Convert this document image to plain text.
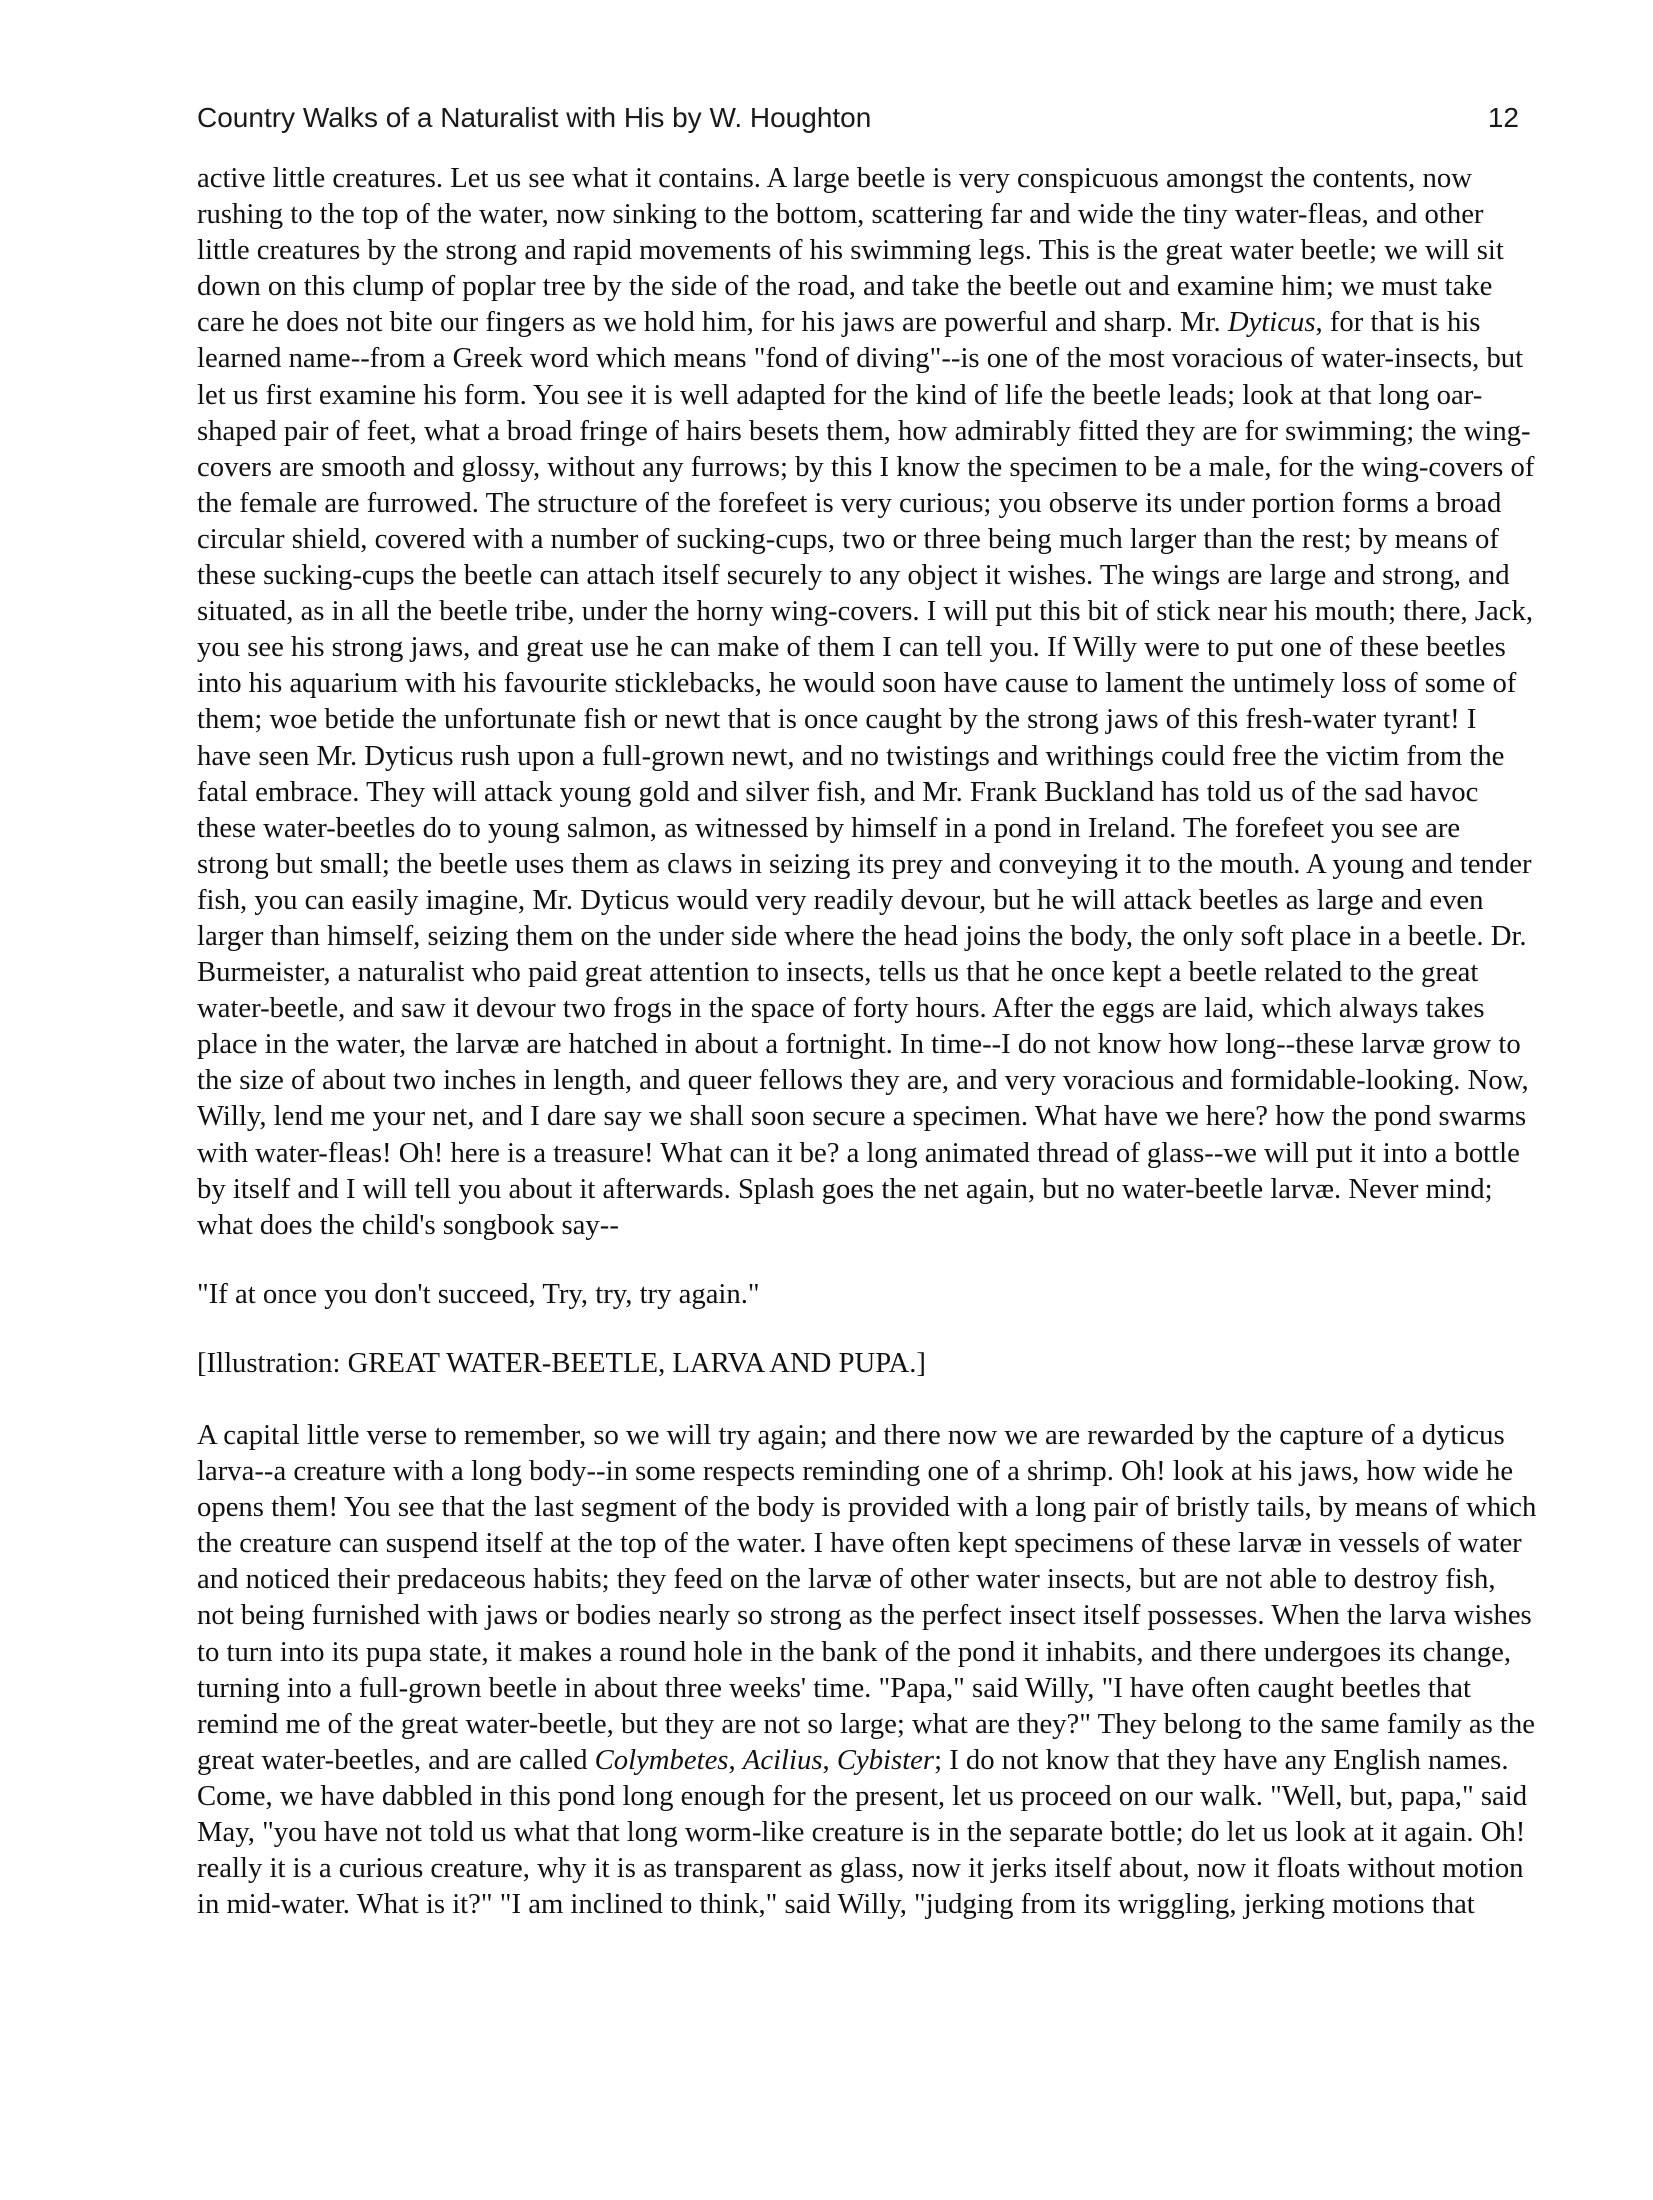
Country Walks of a Naturalist with His by W. Houghton	12

active little creatures. Let us see what it contains. A large beetle is very conspicuous amongst the contents, now rushing to the top of the water, now sinking to the bottom, scattering far and wide the tiny water-fleas, and other little creatures by the strong and rapid movements of his swimming legs. This is the great water beetle; we will sit down on this clump of poplar tree by the side of the road, and take the beetle out and examine him; we must take care he does not bite our fingers as we hold him, for his jaws are powerful and sharp. Mr. Dyticus, for that is his learned name--from a Greek word which means "fond of diving"--is one of the most voracious of water-insects, but let us first examine his form. You see it is well adapted for the kind of life the beetle leads; look at that long oar-shaped pair of feet, what a broad fringe of hairs besets them, how admirably fitted they are for swimming; the wing-covers are smooth and glossy, without any furrows; by this I know the specimen to be a male, for the wing-covers of the female are furrowed. The structure of the forefeet is very curious; you observe its under portion forms a broad circular shield, covered with a number of sucking-cups, two or three being much larger than the rest; by means of these sucking-cups the beetle can attach itself securely to any object it wishes. The wings are large and strong, and situated, as in all the beetle tribe, under the horny wing-covers. I will put this bit of stick near his mouth; there, Jack, you see his strong jaws, and great use he can make of them I can tell you. If Willy were to put one of these beetles into his aquarium with his favourite sticklebacks, he would soon have cause to lament the untimely loss of some of them; woe betide the unfortunate fish or newt that is once caught by the strong jaws of this fresh-water tyrant! I have seen Mr. Dyticus rush upon a full-grown newt, and no twistings and writhings could free the victim from the fatal embrace. They will attack young gold and silver fish, and Mr. Frank Buckland has told us of the sad havoc these water-beetles do to young salmon, as witnessed by himself in a pond in Ireland. The forefeet you see are strong but small; the beetle uses them as claws in seizing its prey and conveying it to the mouth. A young and tender fish, you can easily imagine, Mr. Dyticus would very readily devour, but he will attack beetles as large and even larger than himself, seizing them on the under side where the head joins the body, the only soft place in a beetle. Dr. Burmeister, a naturalist who paid great attention to insects, tells us that he once kept a beetle related to the great water-beetle, and saw it devour two frogs in the space of forty hours. After the eggs are laid, which always takes place in the water, the larvæ are hatched in about a fortnight. In time--I do not know how long--these larvæ grow to the size of about two inches in length, and queer fellows they are, and very voracious and formidable-looking. Now, Willy, lend me your net, and I dare say we shall soon secure a specimen. What have we here? how the pond swarms with water-fleas! Oh! here is a treasure! What can it be? a long animated thread of glass--we will put it into a bottle by itself and I will tell you about it afterwards. Splash goes the net again, but no water-beetle larvæ. Never mind; what does the child's songbook say--

"If at once you don't succeed, Try, try, try again."

[Illustration: GREAT WATER-BEETLE, LARVA AND PUPA.]

A capital little verse to remember, so we will try again; and there now we are rewarded by the capture of a dyticus larva--a creature with a long body--in some respects reminding one of a shrimp. Oh! look at his jaws, how wide he opens them! You see that the last segment of the body is provided with a long pair of bristly tails, by means of which the creature can suspend itself at the top of the water. I have often kept specimens of these larvæ in vessels of water and noticed their predaceous habits; they feed on the larvæ of other water insects, but are not able to destroy fish, not being furnished with jaws or bodies nearly so strong as the perfect insect itself possesses. When the larva wishes to turn into its pupa state, it makes a round hole in the bank of the pond it inhabits, and there undergoes its change, turning into a full-grown beetle in about three weeks' time. "Papa," said Willy, "I have often caught beetles that remind me of the great water-beetle, but they are not so large; what are they?" They belong to the same family as the great water-beetles, and are called Colymbetes, Acilius, Cybister; I do not know that they have any English names. Come, we have dabbled in this pond long enough for the present, let us proceed on our walk. "Well, but, papa," said May, "you have not told us what that long worm-like creature is in the separate bottle; do let us look at it again. Oh! really it is a curious creature, why it is as transparent as glass, now it jerks itself about, now it floats without motion in mid-water. What is it?" "I am inclined to think," said Willy, "judging from its wriggling, jerking motions that
